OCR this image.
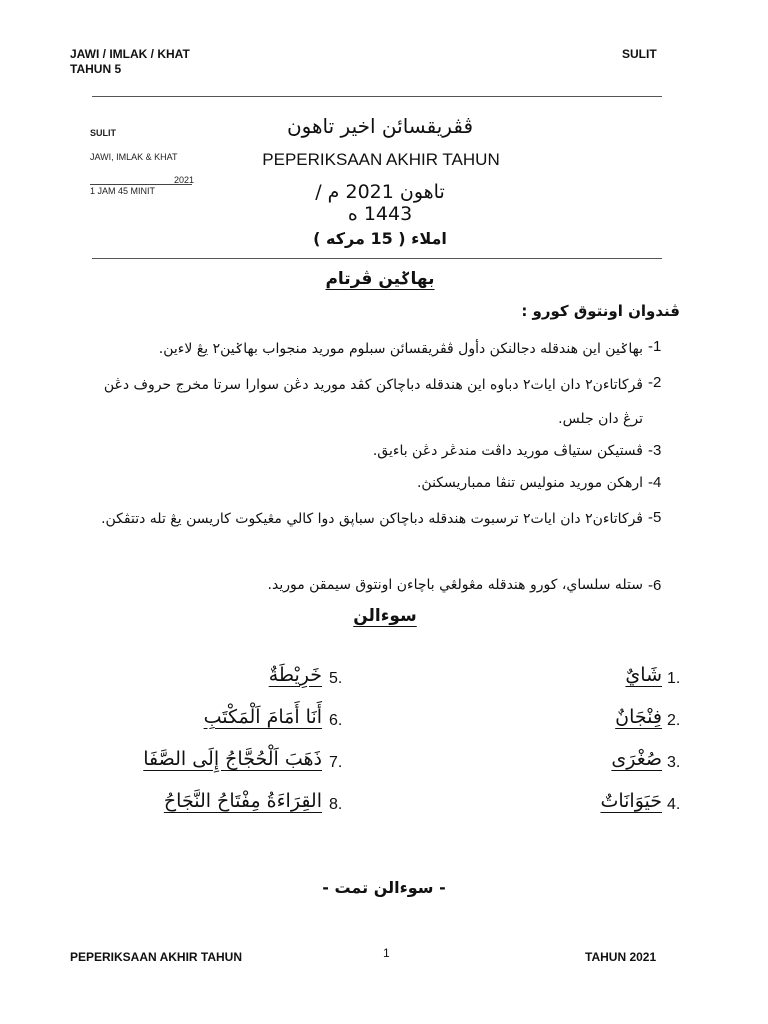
JAWI / IMLAK / KHAT
TAHUN 5
SULIT
SULIT
JAWI, IMLAK & KHAT
2021
1 JAM 45 MINIT
ڤڤريقسائن اخير تاهون
PEPERIKSAAN AKHIR TAHUN
تاهون 2021 م / 1443 ه
املاء ( 15 مركه )
بهاݢين ڤرتام
ڤندوان اونتوق کورو :
-1
بهاݢين اين هندقله دجالنکن دأول ڤڤريقسائن سبلوم موريد منجواب بهاݢين٢ يڠ لاءين.
-2
ڤرکاتاءن٢ دان ايات٢ دباوه اين هندقله دباچاکن کڤد موريد دڠن سوارا سرتا مخرج حروف دڠن ترڠ دان جلس.
-3
ڤستيکن ستياڤ موريد داڤت مندڠر دڠن باءيق.
-4
ارهکن موريد منوليس تنڤا ممباريسکنڽ.
-5
ڤرکاتاءن٢ دان ايات٢ ترسبوت هندقله دباچاکن سباڽق دوا کالي مڠيکوت کاريسن يڠ تله دتتڤکن.
-6
ستله سلساي، کورو هندقله مڠولڠي باچاءن اونتوق سيمقن موريد.
سوءالن
1.
شَايٌ
2.
فِنْجَانٌ
3.
صُغْرَى
4.
حَيَوَانَاتٌ
5.
خَرِيْطَةٌ
6.
أَنَا أَمَامَ اَلْمَكْتَبِ
7.
ذَهَبَ اَلْحُجَّاجُ إِلَى الصَّفَا
8.
القِرَاءَةُ مِفْتَاحُ النَّجَاحُ
- سوءالن تمت -
PEPERIKSAAN AKHIR TAHUN	1	TAHUN 2021
